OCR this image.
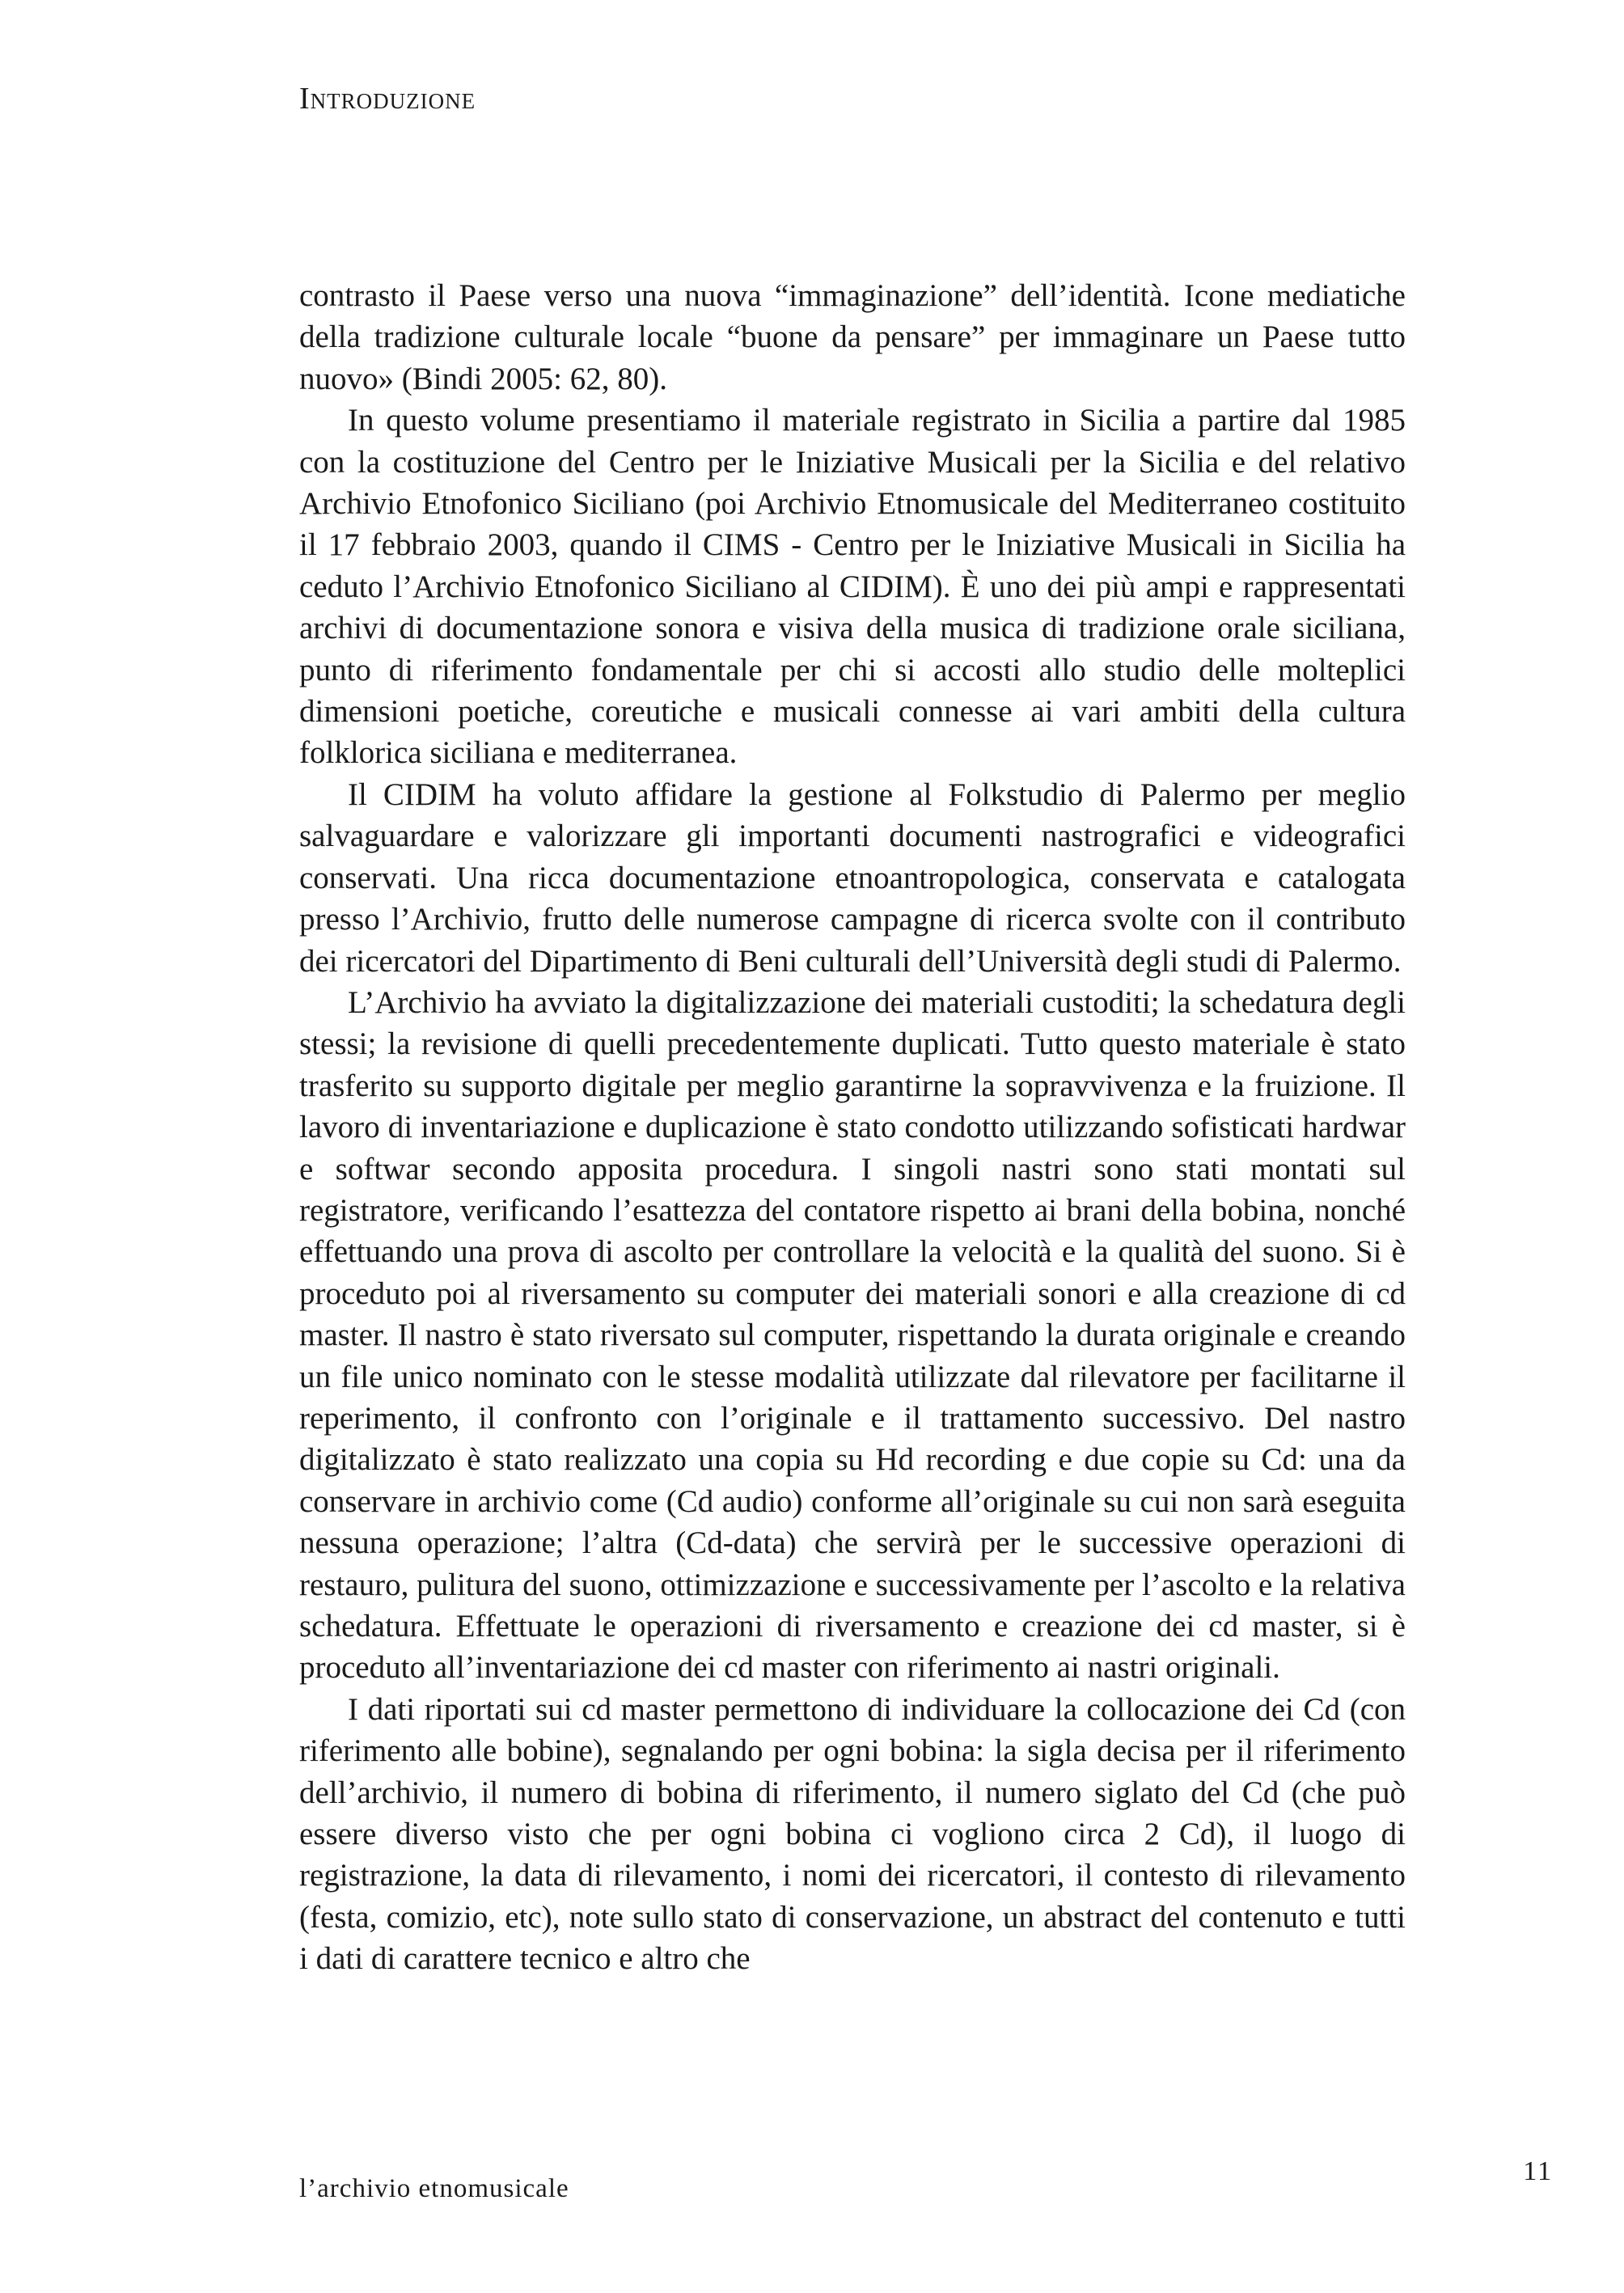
Introduzione

contrasto il Paese verso una nuova “immaginazione” dell’identità. Icone mediatiche della tradizione culturale locale “buone da pensare” per immaginare un Paese tutto nuovo» (Bindi 2005: 62, 80).

In questo volume presentiamo il materiale registrato in Sicilia a partire dal 1985 con la costituzione del Centro per le Iniziative Musicali per la Sicilia e del relativo Archivio Etnofonico Siciliano (poi Archivio Etnomusicale del Mediterraneo costituito il 17 febbraio 2003, quando il CIMS - Centro per le Iniziative Musicali in Sicilia ha ceduto l’Archivio Etnofonico Siciliano al CIDIM). È uno dei più ampi e rappresentati archivi di documentazione sonora e visiva della musica di tradizione orale siciliana, punto di riferimento fondamentale per chi si accosti allo studio delle molteplici dimensioni poetiche, coreutiche e musicali connesse ai vari ambiti della cultura folklorica siciliana e mediterranea.

Il CIDIM ha voluto affidare la gestione al Folkstudio di Palermo per meglio salvaguardare e valorizzare gli importanti documenti nastrografici e videografici conservati. Una ricca documentazione etnoantropologica, conservata e catalogata presso l’Archivio, frutto delle numerose campagne di ricerca svolte con il contributo dei ricercatori del Dipartimento di Beni culturali dell’Università degli studi di Palermo.

L’Archivio ha avviato la digitalizzazione dei materiali custoditi; la schedatura degli stessi; la revisione di quelli precedentemente duplicati. Tutto questo materiale è stato trasferito su supporto digitale per meglio garantirne la sopravvivenza e la fruizione. Il lavoro di inventariazione e duplicazione è stato condotto utilizzando sofisticati hardwar e softwar secondo apposita procedura. I singoli nastri sono stati montati sul registratore, verificando l’esattezza del contatore rispetto ai brani della bobina, nonché effettuando una prova di ascolto per controllare la velocità e la qualità del suono. Si è proceduto poi al riversamento su computer dei materiali sonori e alla creazione di cd master. Il nastro è stato riversato sul computer, rispettando la durata originale e creando un file unico nominato con le stesse modalità utilizzate dal rilevatore per facilitarne il reperimento, il confronto con l’originale e il trattamento successivo. Del nastro digitalizzato è stato realizzato una copia su Hd recording e due copie su Cd: una da conservare in archivio come (Cd audio) conforme all’originale su cui non sarà eseguita nessuna operazione; l’altra (Cd-data) che servirà per le successive operazioni di restauro, pulitura del suono, ottimizzazione e successivamente per l’ascolto e la relativa schedatura. Effettuate le operazioni di riversamento e creazione dei cd master, si è proceduto all’inventariazione dei cd master con riferimento ai nastri originali.

I dati riportati sui cd master permettono di individuare la collocazione dei Cd (con riferimento alle bobine), segnalando per ogni bobina: la sigla decisa per il riferimento dell’archivio, il numero di bobina di riferimento, il numero siglato del Cd (che può essere diverso visto che per ogni bobina ci vogliono circa 2 Cd), il luogo di registrazione, la data di rilevamento, i nomi dei ricercatori, il contesto di rilevamento (festa, comizio, etc), note sullo stato di conservazione, un abstract del contenuto e tutti i dati di carattere tecnico e altro che

l’archivio etnomusicale
11
